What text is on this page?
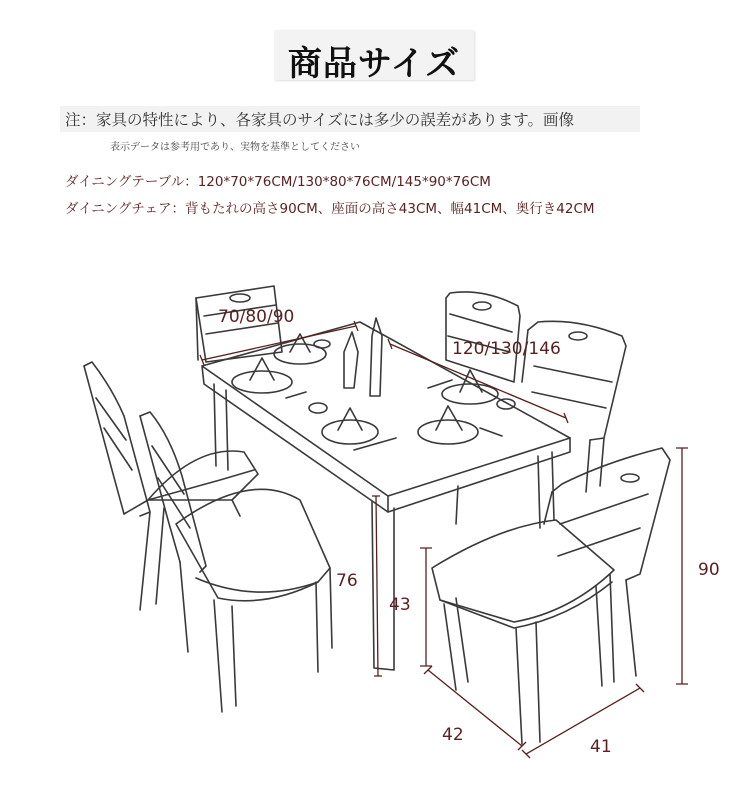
商品サイズ
注：家具の特性により、各家具のサイズには多少の誤差があります。画像
表示データは参考用であり、実物を基準としてください
ダイニングテーブル：120*70*76CM/130*80*76CM/145*90*76CM
ダイニングチェア：背もたれの高さ90CM、座面の高さ43CM、幅41CM、奥行き42CM
70/80/90
120/130/146
76
43
90
42
41
